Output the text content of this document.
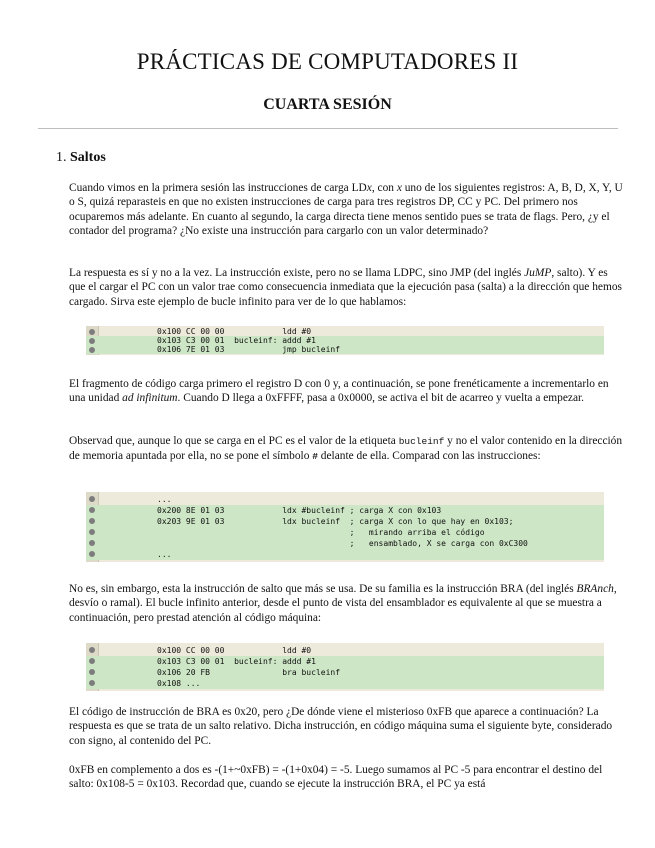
PRÁCTICAS DE COMPUTADORES II
CUARTA SESIÓN
1. Saltos

Cuando vimos en la primera sesión las instrucciones de carga LDx, con x uno de los siguientes registros: A, B, D, X, Y, U o S, quizá reparasteis en que no existen instrucciones de carga para tres registros DP, CC y PC. Del primero nos ocuparemos más adelante. En cuanto al segundo, la carga directa tiene menos sentido pues se trata de flags. Pero, ¿y el contador del programa? ¿No existe una instrucción para cargarlo con un valor determinado?

La respuesta es sí y no a la vez. La instrucción existe, pero no se llama LDPC, sino JMP (del inglés JuMP, salto). Y es que el cargar el PC con un valor trae como consecuencia inmediata que la ejecución pasa (salta) a la dirección que hemos cargado. Sirva este ejemplo de bucle infinito para ver de lo que hablamos:

0x100 CC 00 00            ldd #0
0x103 C3 00 01  bucleinf: addd #1
0x106 7E 01 03            jmp bucleinf

El fragmento de código carga primero el registro D con 0 y, a continuación, se pone frenéticamente a incrementarlo en una unidad ad infinitum. Cuando D llega a 0xFFFF, pasa a 0x0000, se activa el bit de acarreo y vuelta a empezar.

Observad que, aunque lo que se carga en el PC es el valor de la etiqueta bucleinf y no el valor contenido en la dirección de memoria apuntada por ella, no se pone el símbolo # delante de ella. Comparad con las instrucciones:

...
0x200 8E 01 03            ldx #bucleinf ; carga X con 0x103
0x203 9E 01 03            ldx bucleinf  ; carga X con lo que hay en 0x103;
;   mirando arriba el código
;   ensamblado, X se carga con 0xC300
...

No es, sin embargo, esta la instrucción de salto que más se usa. De su familia es la instrucción BRA (del inglés BRAnch, desvío o ramal). El bucle infinito anterior, desde el punto de vista del ensamblador es equivalente al que se muestra a continuación, pero prestad atención al código máquina:

0x100 CC 00 00            ldd #0
0x103 C3 00 01  bucleinf: addd #1
0x106 20 FB               bra bucleinf
0x108 ...

El código de instrucción de BRA es 0x20, pero ¿De dónde viene el misterioso 0xFB que aparece a continuación? La respuesta es que se trata de un salto relativo. Dicha instrucción, en código máquina suma el siguiente byte, considerado con signo, al contenido del PC.

0xFB en complemento a dos es -(1+~0xFB) = -(1+0x04) = -5. Luego sumamos al PC -5 para encontrar el destino del salto: 0x108-5 = 0x103. Recordad que, cuando se ejecute la instrucción BRA, el PC ya está
